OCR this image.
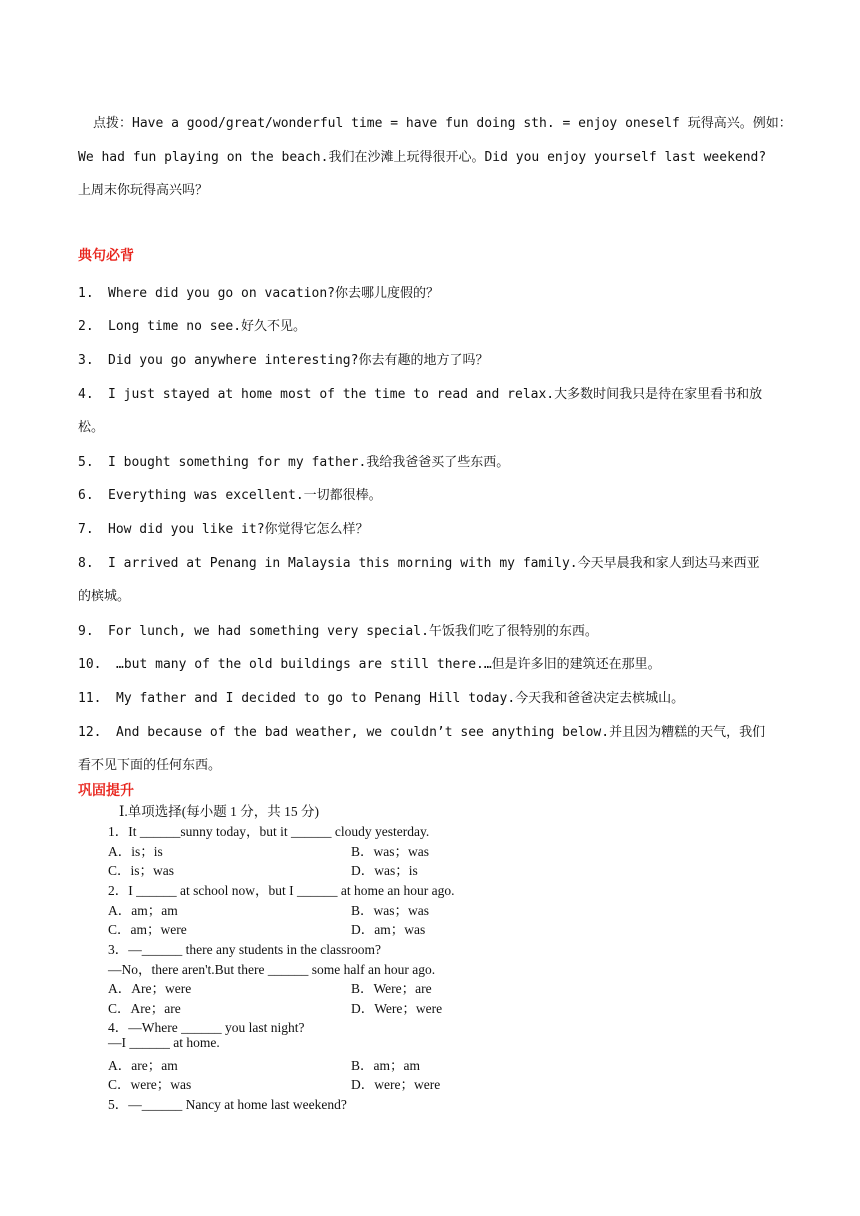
点拨：Have a good/great/wonderful time = have fun doing sth. = enjoy oneself 玩得高兴。例如：
We had fun playing on the beach.我们在沙滩上玩得很开心。Did you enjoy yourself last weekend?
上周末你玩得高兴吗？
典句必背
1. Where did you go on vacation?你去哪儿度假的？
2. Long time no see.好久不见。
3. Did you go anywhere interesting?你去有趣的地方了吗？
4. I just stayed at home most of the time to read and relax.大多数时间我只是待在家里看书和放
松。
5. I bought something for my father.我给我爸爸买了些东西。
6. Everything was excellent.一切都很棒。
7. How did you like it?你觉得它怎么样？
8. I arrived at Penang in Malaysia this morning with my family.今天早晨我和家人到达马来西亚
的槟城。
9. For lunch, we had something very special.午饭我们吃了很特别的东西。
10. …but many of the old buildings are still there.…但是许多旧的建筑还在那里。
11. My father and I decided to go to Penang Hill today.今天我和爸爸决定去槟城山。
12. And because of the bad weather, we couldn’t see anything below.并且因为糟糕的天气，我们
看不见下面的任何东西。
巩固提升
Ⅰ.单项选择(每小题 1 分，共 15 分)
1．It ______sunny today，but it ______ cloudy yesterday.
A．is；is	B．was；was
C．is；was	D．was；is
2．I ______ at school now，but I ______ at home an hour ago.
A．am；am	B．was；was
C．am；were	D．am；was
3．—______ there any students in the classroom?
—No，there aren't.But there ______ some half an hour ago.
A．Are；were	B．Were；are
C．Are；are	D．Were；were
4．—Where ______ you last night?
—I ______ at home.
A．are；am	B．am；am
C．were；was	D．were；were
5．—______ Nancy at home last weekend?
